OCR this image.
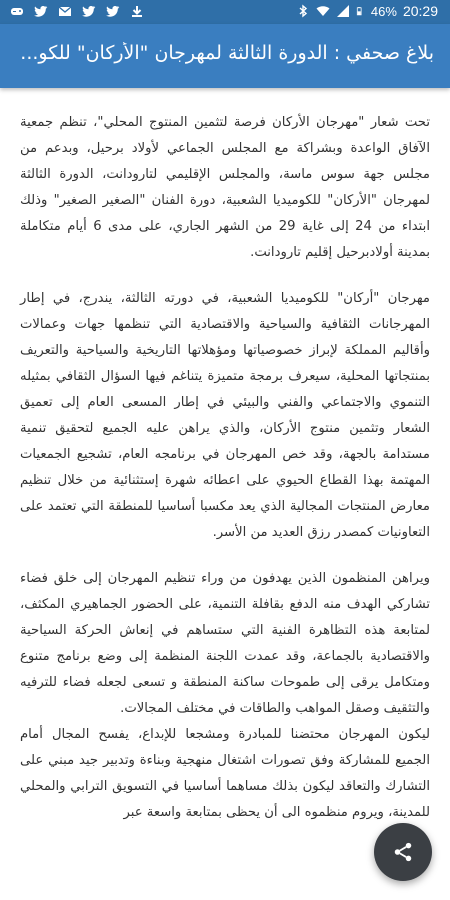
46% 20:29
بلاغ صحفي : الدورة الثالثة لمهرجان "الأركان" للكو...

تحت شعار "مهرجان الأركان فرصة لتثمين المنتوج المحلي"، تنظم جمعية الآفاق الواعدة وبشراكة مع المجلس الجماعي لأولاد برحيل، وبدعم من مجلس جهة سوس ماسة، والمجلس الإقليمي لتارودانت، الدورة الثالثة لمهرجان "الأركان" للكوميديا الشعبية، دورة الفنان "الصغير الصغير" وذلك ابتداء من 24 إلى غاية 29 من الشهر الجاري، على مدى 6 أيام متكاملة بمدينة أولادبرحيل إقليم تارودانت.

مهرجان "أركان" للكوميديا الشعبية، في دورته الثالثة، يندرج، في إطار المهرجانات الثقافية والسياحية والاقتصادية التي تنظمها جهات وعمالات وأقاليم المملكة لإبراز خصوصياتها ومؤهلاتها التاريخية والسياحية والتعريف بمنتجاتها المحلية، سيعرف برمجة متميزة يتناغم فيها السؤال الثقافي بمثيله التنموي والاجتماعي والفني والبيئي في إطار المسعى العام إلى تعميق الشعار وتثمين منتوج الأركان، والذي يراهن عليه الجميع لتحقيق تنمية مستدامة بالجهة، وقد خص المهرجان في برنامجه العام، تشجيع الجمعيات المهتمة بهذا القطاع الحيوي على اعطائه شهرة إستثنائية من خلال تنظيم معارض المنتجات المجالية الذي يعد مكسبا أساسيا للمنطقة التي تعتمد على التعاونيات كمصدر رزق العديد من الأسر.

ويراهن المنظمون الذين يهدفون من وراء تنظيم المهرجان إلى خلق فضاء تشاركي الهدف منه الدفع بقافلة التنمية، على الحضور الجماهيري المكثف، لمتابعة هذه التظاهرة الفنية التي ستساهم في إنعاش الحركة السياحية والاقتصادية بالجماعة، وقد عمدت اللجنة المنظمة إلى وضع برنامج متنوع ومتكامل يرقى إلى طموحات ساكنة المنطقة و تسعى لجعله فضاء للترفيه والتثقيف وصقل المواهب والطاقات في مختلف المجالات.

ليكون المهرجان محتضنا للمبادرة ومشجعا للإبداع، يفسح المجال أمام الجميع للمشاركة وفق تصورات اشتغال منهجية وبناءة وتدبير جيد مبني على التشارك والتعاقد ليكون بذلك مساهما أساسيا في التسويق الترابي والمحلي للمدينة، ويروم منظموه الى أن يحظى بمتابعة واسعة عبر
